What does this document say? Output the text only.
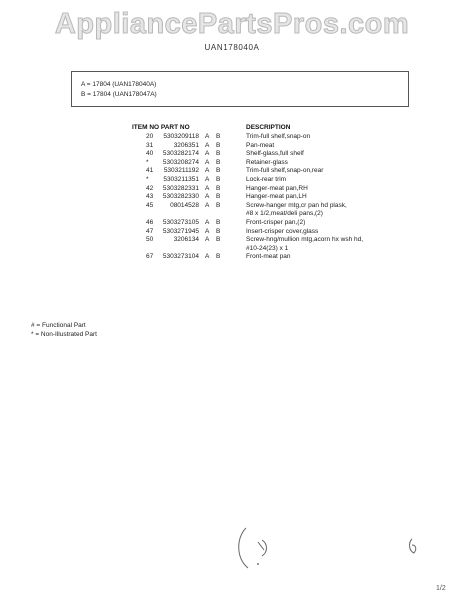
AppliancePartsPros.com
UAN178040A
A = 17804 (UAN178040A)
B = 17804 (UAN178047A)
ITEM NO PART NO	DESCRIPTION
20 5303209118 A B	Trim-full shelf,snap-on
31	3206351 A B	Pan-meat
40 5303282174 A B	Shelf-glass,full shelf
* 5303208274 A B	Retainer-glass
41 5303211192 A B	Trim-full shelf,snap-on,rear
* 5303211351 A B	Lock-rear trim
42 5303282331 A B	Hanger-meat pan,RH
43 5303282330 A B	Hanger-meat pan,LH
45	08014528 A B	Screw-hanger mtg,cr pan hd plask,
#8 x 1/2,meat/deli pans,(2)
46 5303273105 A B	Front-crisper pan,(2)
47 5303271945 A B	Insert-crisper cover,glass
50	3206134 A B	Screw-hng/mullion mtg,acorn hx wsh hd,
#10-24(23) x 1
67 5303273104 A B	Front-meat pan
# = Functional Part
* = Non-Illustrated Part
1/2
